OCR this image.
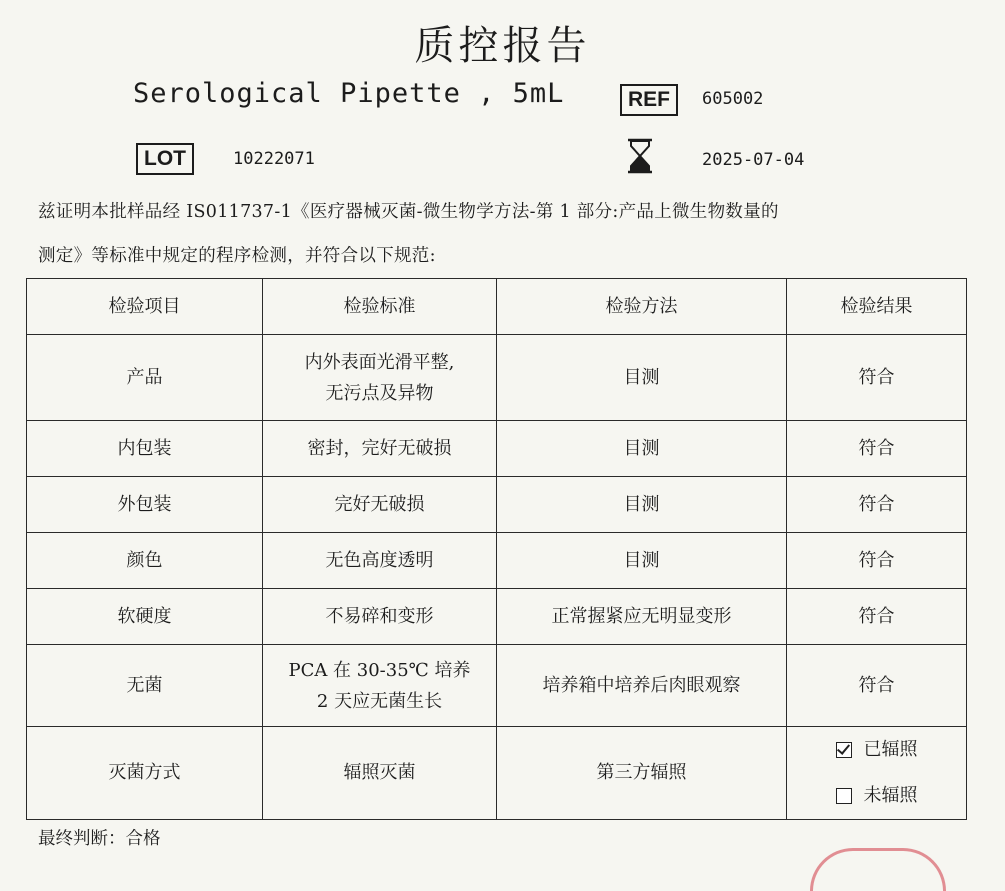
质控报告
Serological Pipette , 5mL	REF	605002
LOT	10222071	2025-07-04

兹证明本批样品经 IS011737-1《医疗器械灭菌-微生物学方法-第 1 部分:产品上微生物数量的

测定》等标准中规定的程序检测，并符合以下规范:

检验项目	检验标准	检验方法	检验结果
产品	内外表面光滑平整,
无污点及异物	目测	符合
内包装	密封，完好无破损	目测	符合
外包装	完好无破损	目测	符合
颜色	无色高度透明	目测	符合
软硬度	不易碎和变形	正常握紧应无明显变形	符合
无菌	PCA 在 30-35℃ 培养
2 天应无菌生长	培养箱中培养后肉眼观察	符合
灭菌方式	辐照灭菌	第三方辐照	已辐照
未辐照
最终判断：合格
